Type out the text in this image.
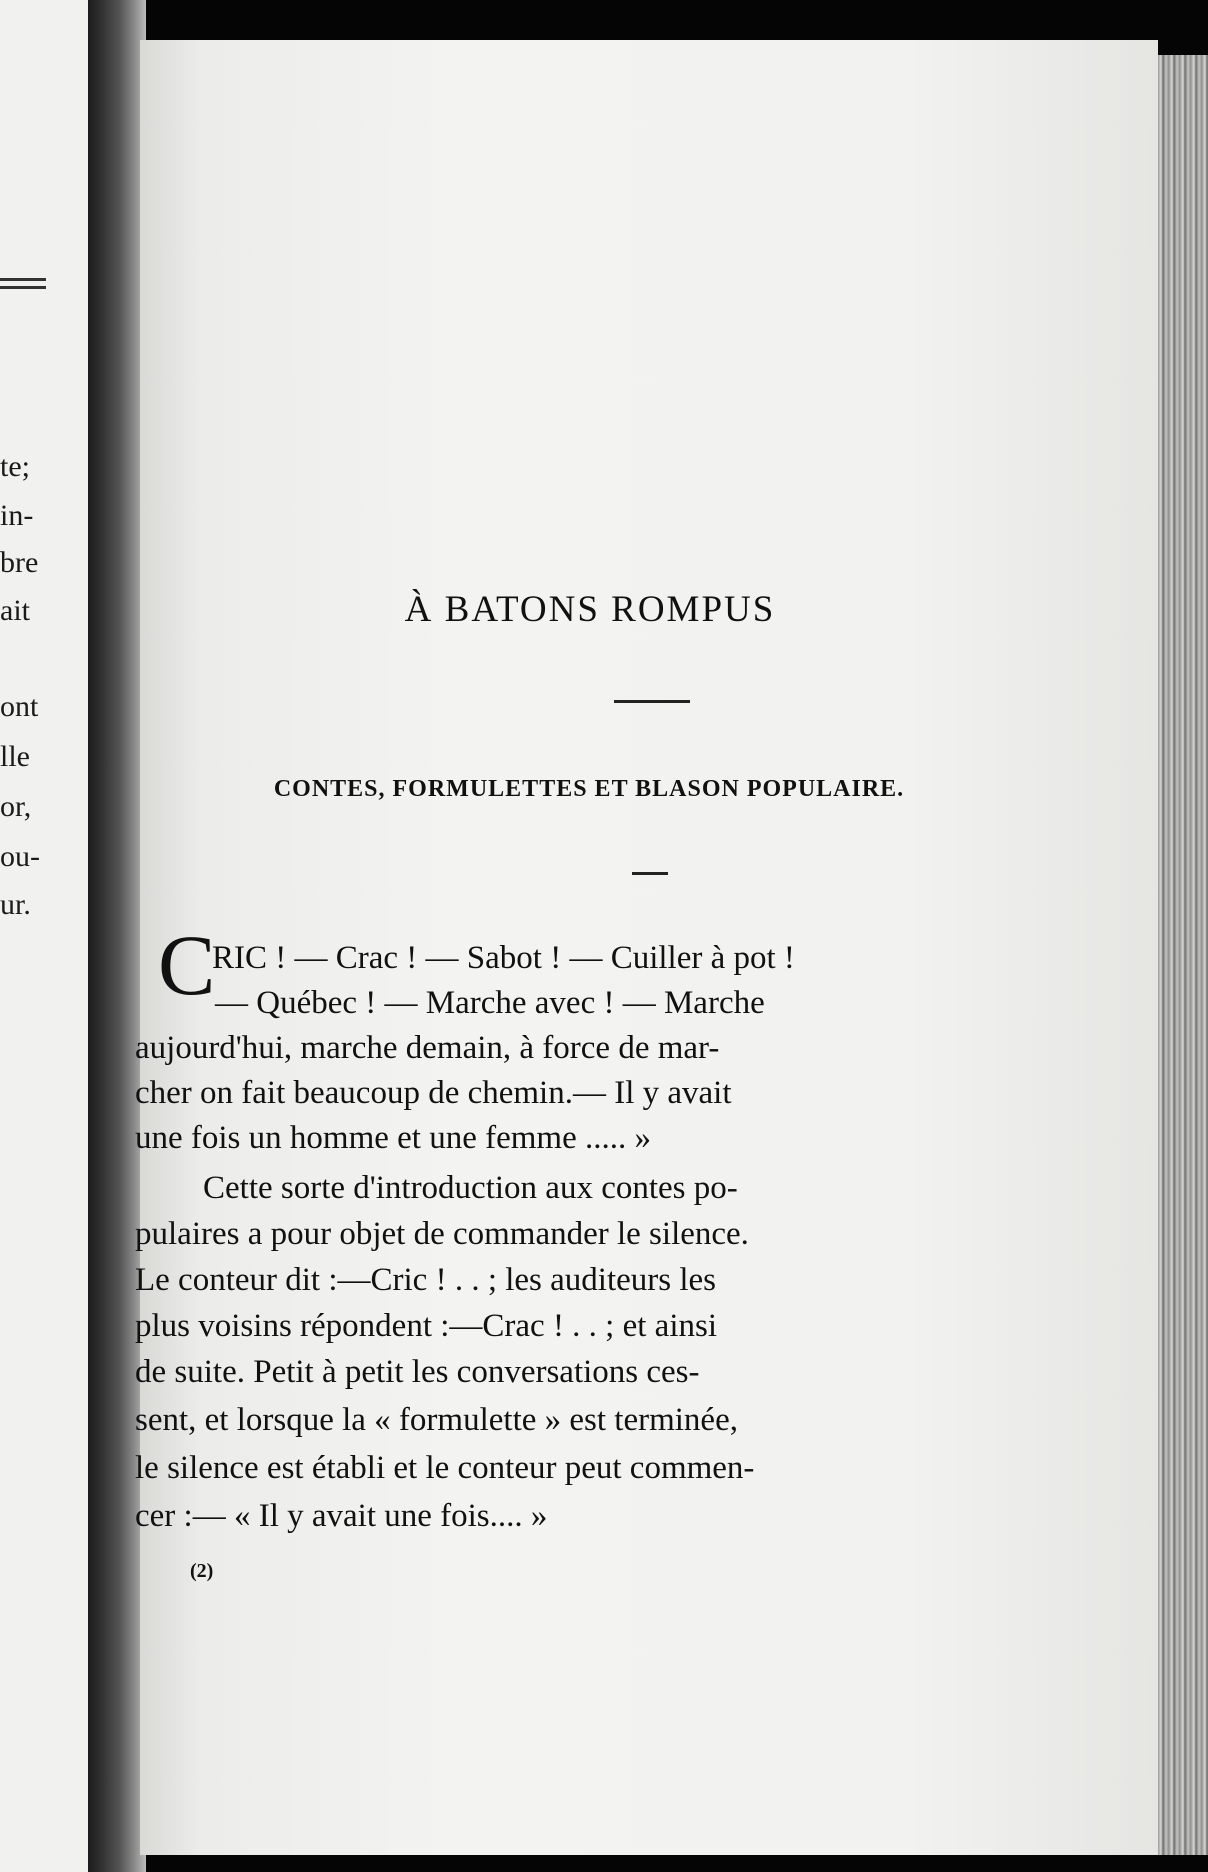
te;
in-
bre
ait
ont
lle
or,
ou-
ur.
À BATONS ROMPUS
CONTES, FORMULETTES ET BLASON POPULAIRE.
C
RIC ! — Crac ! — Sabot ! — Cuiller à pot !
— Québec ! — Marche avec ! — Marche
aujourd'hui, marche demain, à force de mar-
cher on fait beaucoup de chemin.— Il y avait
une fois un homme et une femme ..... »
Cette sorte d'introduction aux contes po-
pulaires a pour objet de commander le silence.
Le conteur dit :—Cric ! . . ; les auditeurs les
plus voisins répondent :—Crac ! . . ; et ainsi
de suite. Petit à petit les conversations ces-
sent, et lorsque la « formulette » est terminée,
le silence est établi et le conteur peut commen-
cer :— « Il y avait une fois.... »
(2)
